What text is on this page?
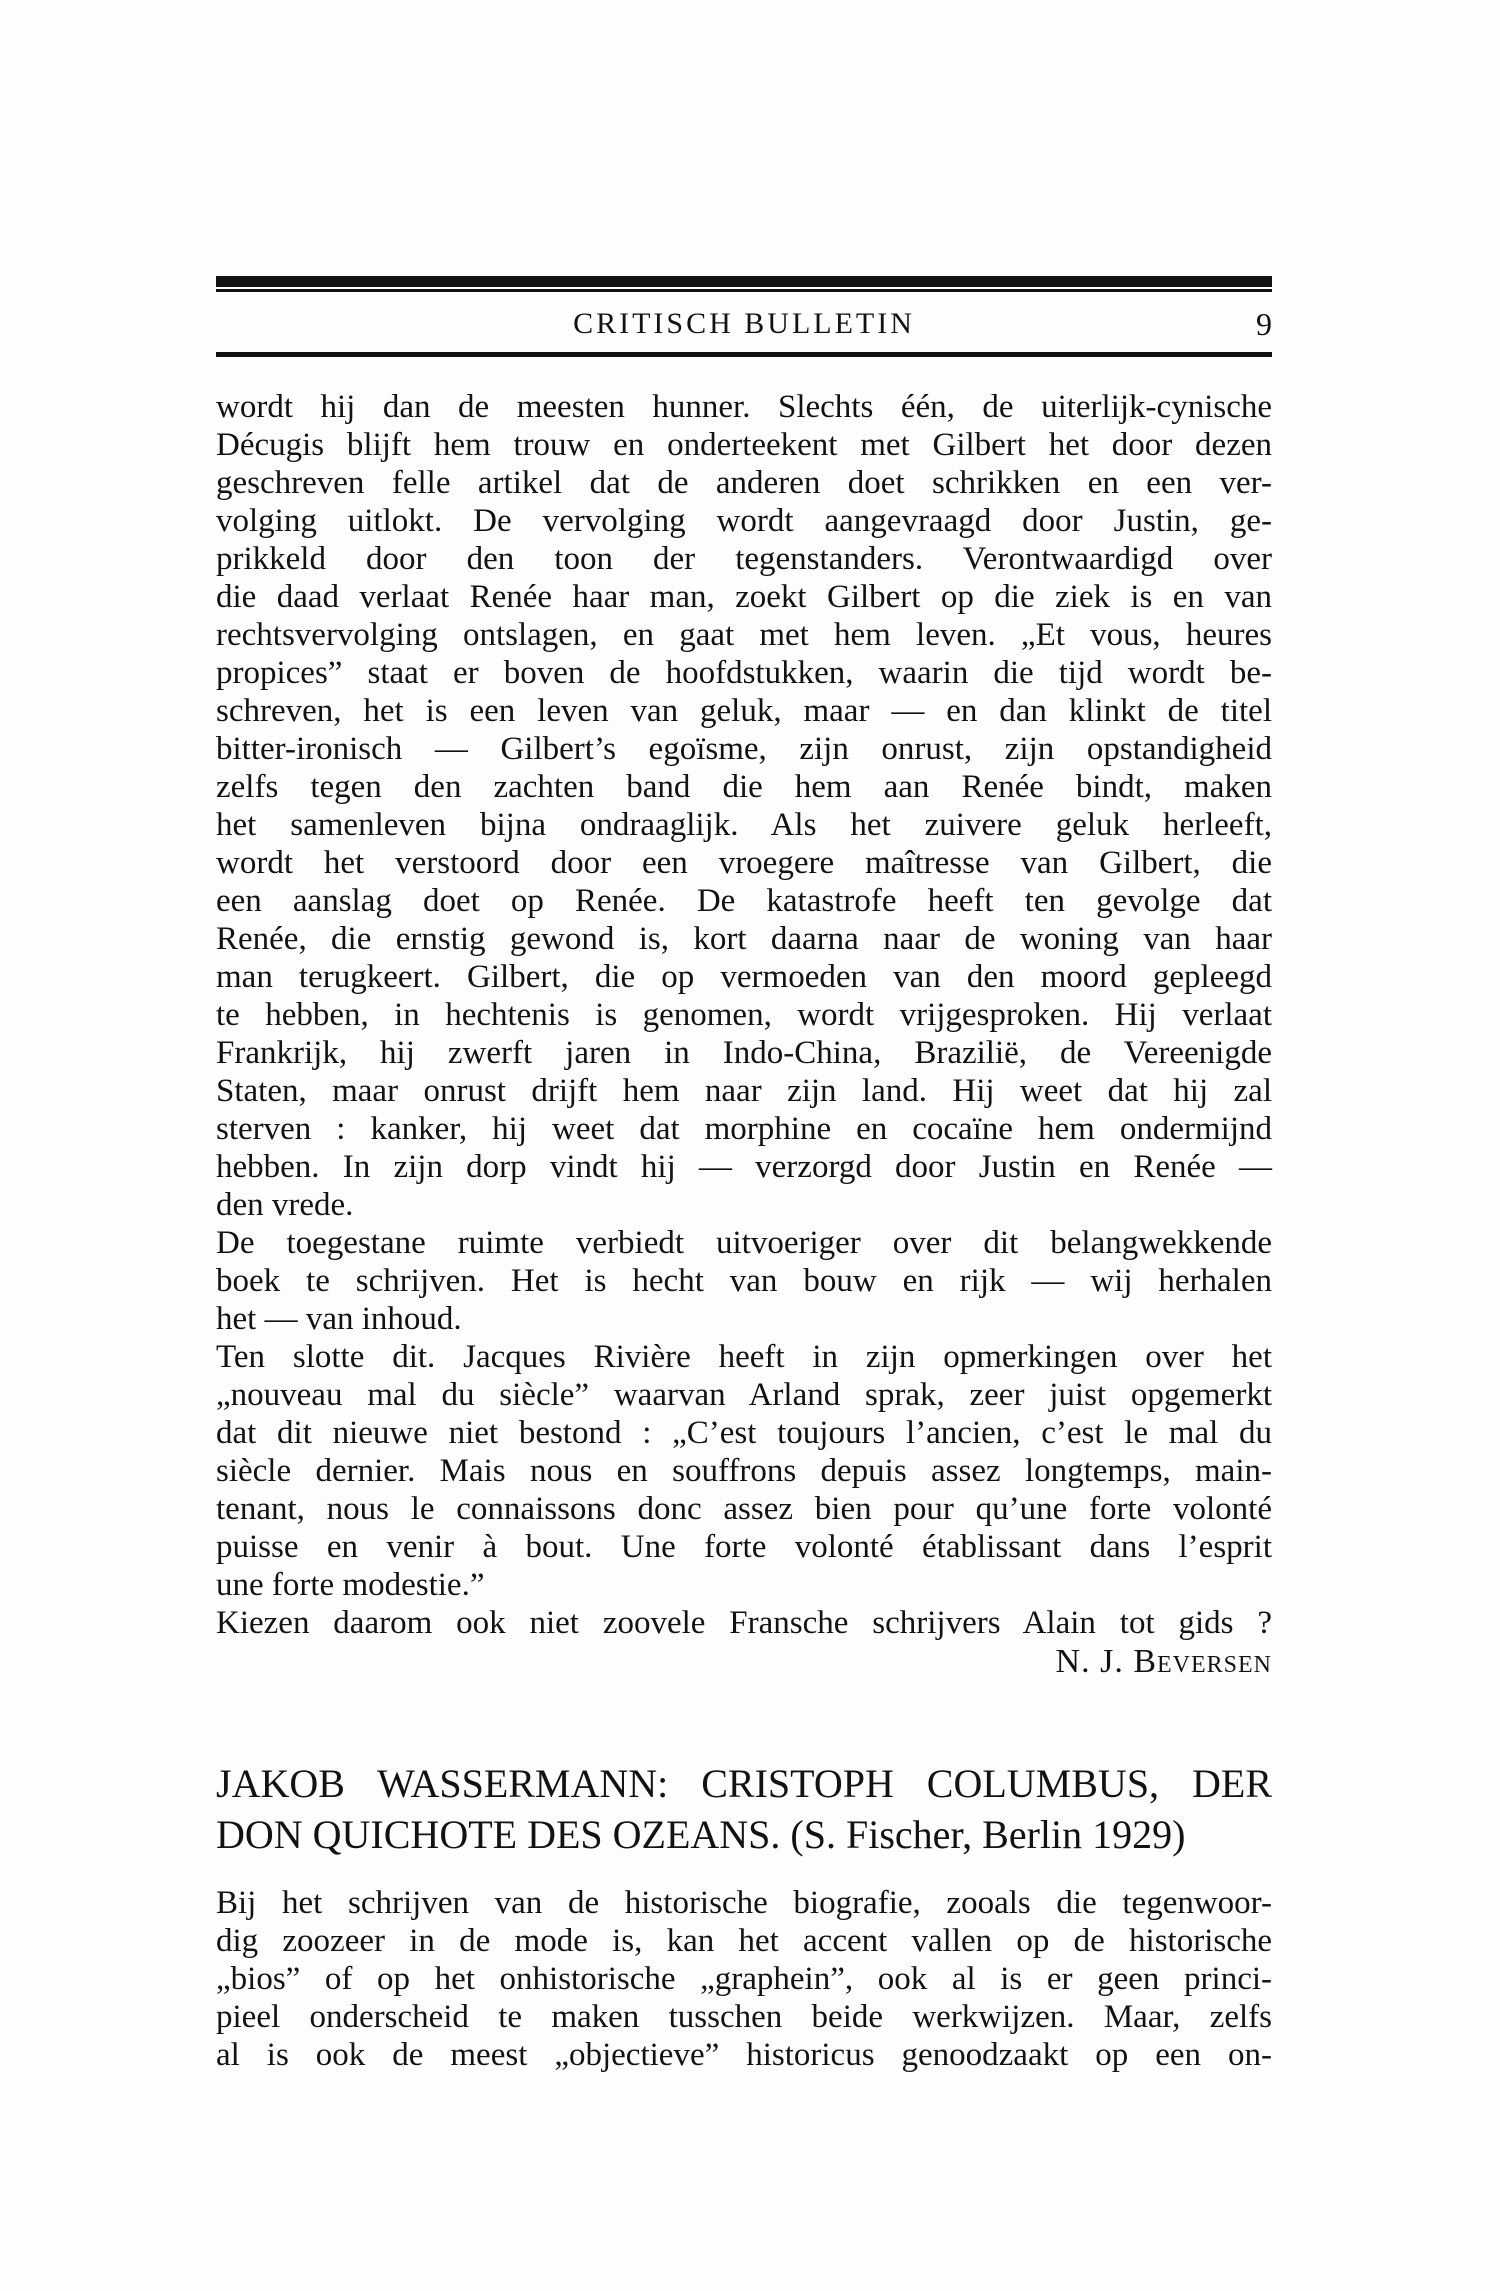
CRITISCH BULLETIN	9
wordt hij dan de meesten hunner. Slechts één, de uiterlijk-cynische
Décugis blijft hem trouw en onderteekent met Gilbert het door dezen
geschreven felle artikel dat de anderen doet schrikken en een ver-
volging uitlokt. De vervolging wordt aangevraagd door Justin, ge-
prikkeld door den toon der tegenstanders. Verontwaardigd over
die daad verlaat Renée haar man, zoekt Gilbert op die ziek is en van
rechtsvervolging ontslagen, en gaat met hem leven. „Et vous, heures
propices” staat er boven de hoofdstukken, waarin die tijd wordt be-
schreven, het is een leven van geluk, maar — en dan klinkt de titel
bitter-ironisch — Gilbert’s egoïsme, zijn onrust, zijn opstandigheid
zelfs tegen den zachten band die hem aan Renée bindt, maken
het samenleven bijna ondraaglijk. Als het zuivere geluk herleeft,
wordt het verstoord door een vroegere maîtresse van Gilbert, die
een aanslag doet op Renée. De katastrofe heeft ten gevolge dat
Renée, die ernstig gewond is, kort daarna naar de woning van haar
man terugkeert. Gilbert, die op vermoeden van den moord gepleegd
te hebben, in hechtenis is genomen, wordt vrijgesproken. Hij verlaat
Frankrijk, hij zwerft jaren in Indo-China, Brazilië, de Vereenigde
Staten, maar onrust drijft hem naar zijn land. Hij weet dat hij zal
sterven : kanker, hij weet dat morphine en cocaïne hem ondermijnd
hebben. In zijn dorp vindt hij — verzorgd door Justin en Renée —
den vrede.
De toegestane ruimte verbiedt uitvoeriger over dit belangwekkende
boek te schrijven. Het is hecht van bouw en rijk — wij herhalen
het — van inhoud.
Ten slotte dit. Jacques Rivière heeft in zijn opmerkingen over het
„nouveau mal du siècle” waarvan Arland sprak, zeer juist opgemerkt
dat dit nieuwe niet bestond : „C’est toujours l’ancien, c’est le mal du
siècle dernier. Mais nous en souffrons depuis assez longtemps, main-
tenant, nous le connaissons donc assez bien pour qu’une forte volonté
puisse en venir à bout. Une forte volonté établissant dans l’esprit
une forte modestie.”
Kiezen daarom ook niet zoovele Fransche schrijvers Alain tot gids ?
N. J. Beversen
JAKOB WASSERMANN: CRISTOPH COLUMBUS, DER
DON QUICHOTE DES OZEANS. (S. Fischer, Berlin 1929)
Bij het schrijven van de historische biografie, zooals die tegenwoor-
dig zoozeer in de mode is, kan het accent vallen op de historische
„bios” of op het onhistorische „graphein”, ook al is er geen princi-
pieel onderscheid te maken tusschen beide werkwijzen. Maar, zelfs
al is ook de meest „objectieve” historicus genoodzaakt op een on-
